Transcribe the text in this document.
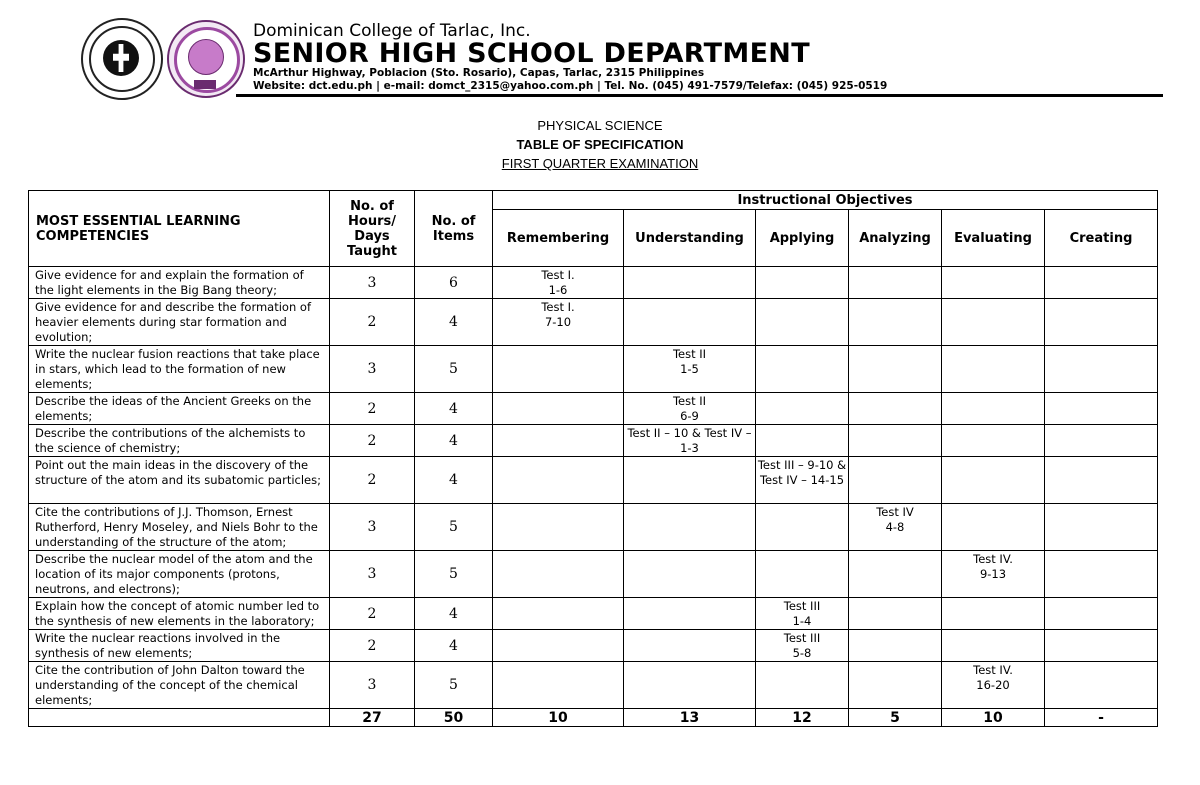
Dominican College of Tarlac, Inc.
SENIOR HIGH SCHOOL DEPARTMENT
McArthur Highway, Poblacion (Sto. Rosario), Capas, Tarlac, 2315 Philippines
Website: dct.edu.ph | e-mail: domct_2315@yahoo.com.ph | Tel. No. (045) 491-7579/Telefax: (045) 925-0519
PHYSICAL SCIENCE
TABLE OF SPECIFICATION
FIRST QUARTER EXAMINATION
MOST ESSENTIAL LEARNING COMPETENCIES	No. of Hours/ Days Taught	No. of Items	Instructional Objectives					
			Remembering	Understanding	Applying	Analyzing	Evaluating	Creating
Give evidence for and explain the formation of the light elements in the Big Bang theory;	3	6	Test I.
1-6					
Give evidence for and describe the formation of heavier elements during star formation and evolution;	2	4	Test I.
7-10					
Write the nuclear fusion reactions that take place in stars, which lead to the formation of new elements;	3	5		Test II
1-5				
Describe the ideas of the Ancient Greeks on the elements;	2	4		Test II
6-9				
Describe the contributions of the alchemists to the science of chemistry;	2	4		Test II – 10 & Test IV – 1-3				
Point out the main ideas in the discovery of the structure of the atom and its subatomic particles;	2	4			Test III – 9-10 & Test IV – 14-15			
Cite the contributions of J.J. Thomson, Ernest Rutherford, Henry Moseley, and Niels Bohr to the understanding of the structure of the atom;	3	5				Test IV
4-8		
Describe the nuclear model of the atom and the location of its major components (protons, neutrons, and electrons);	3	5					Test IV.
9-13	
Explain how the concept of atomic number led to the synthesis of new elements in the laboratory;	2	4			Test III
1-4			
Write the nuclear reactions involved in the synthesis of new elements;	2	4			Test III
5-8			
Cite the contribution of John Dalton toward the understanding of the concept of the chemical elements;	3	5					Test IV.
16-20	
	27	50	10	13	12	5	10	-
